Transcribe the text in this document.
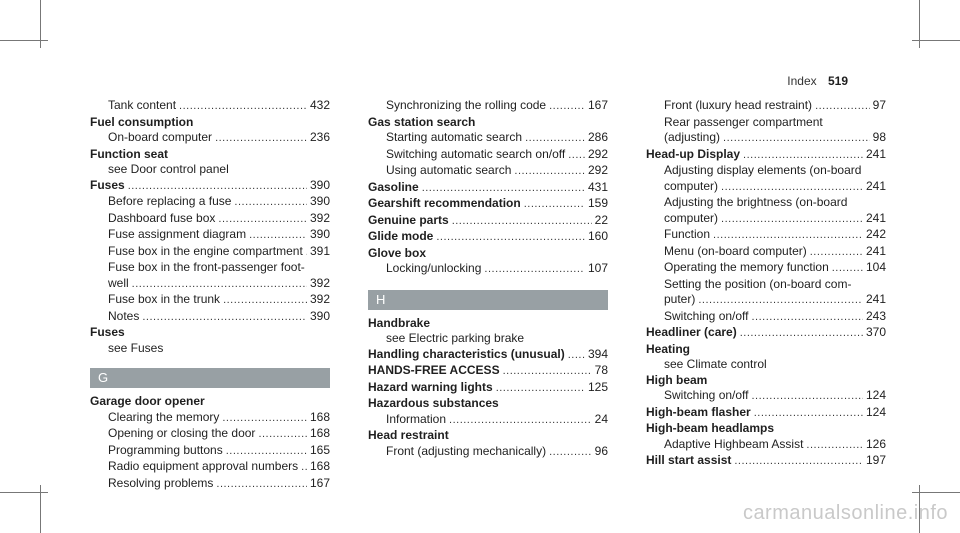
Index 519
Tank content .....	432
Fuel consumption
On-board computer .....	236
Function seat
see Door control panel
Fuses .....	390
Before replacing a fuse .....	390
Dashboard fuse box .....	392
Fuse assignment diagram .....	390
Fuse box in the engine compartment ..... 391
Fuse box in the front-passenger foot-
well .....	392
Fuse box in the trunk .....	392
Notes .....	390
Fuses
see Fuses
G
Garage door opener
Clearing the memory .....	168
Opening or closing the door .....	168
Programming buttons .....	165
Radio equipment approval numbers ..... 168
Resolving problems .....	167
Synchronizing the rolling code .....	167
Gas station search
Starting automatic search .....	286
Switching automatic search on/off ..... 292
Using automatic search .....	292
Gasoline .....	431
Gearshift recommendation .....	159
Genuine parts .....	22
Glide mode .....	160
Glove box
Locking/unlocking .....	107
H
Handbrake
see Electric parking brake
Handling characteristics (unusual) ..... 394
HANDS-FREE ACCESS .....	78
Hazard warning lights .....	125
Hazardous substances
Information .....	24
Head restraint
Front (adjusting mechanically) .....	96
Front (luxury head restraint) .....	97
Rear passenger compartment
(adjusting) .....	98
Head-up Display .....	241
Adjusting display elements (on-board
computer) .....	241
Adjusting the brightness (on-board
computer) .....	241
Function .....	242
Menu (on-board computer) .....	241
Operating the memory function .....	104
Setting the position (on-board com-
puter) .....	241
Switching on/off .....	243
Headliner (care) .....	370
Heating
see Climate control
High beam
Switching on/off .....	124
High-beam flasher .....	124
High-beam headlamps
Adaptive Highbeam Assist .....	126
Hill start assist .....	197
carmanualsonline.info
